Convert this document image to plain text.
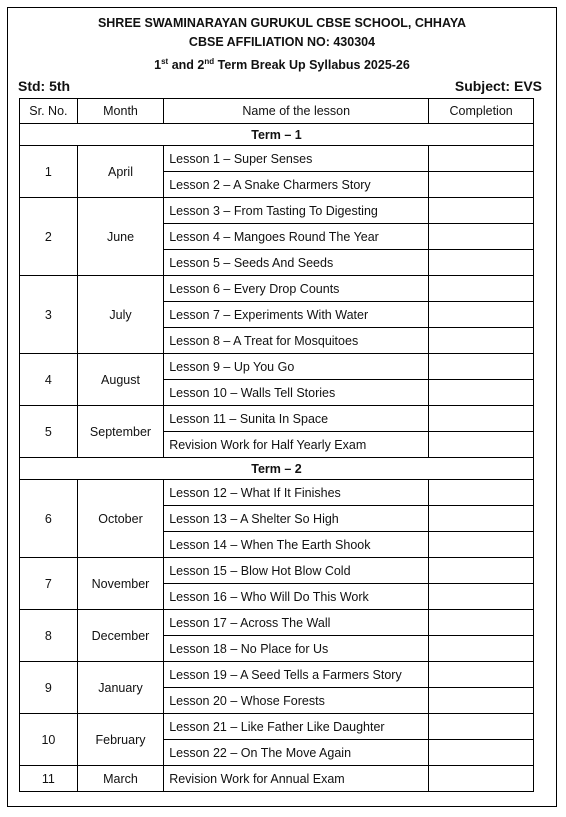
SHREE SWAMINARAYAN GURUKUL CBSE SCHOOL, CHHAYA
CBSE AFFILIATION NO: 430304
1st and 2nd Term Break Up Syllabus 2025-26
Std: 5th	Subject: EVS
Sr. No.	Month	Name of the lesson	Completion
Term – 1			
1	April	Lesson 1 – Super Senses	
		Lesson 2 – A Snake Charmers Story	
2	June	Lesson 3 – From Tasting To Digesting	
		Lesson 4 – Mangoes Round The Year	
		Lesson 5 – Seeds And Seeds	
3	July	Lesson 6 – Every Drop Counts	
		Lesson 7 – Experiments With Water	
		Lesson 8 – A Treat for Mosquitoes	
4	August	Lesson 9 – Up You Go	
		Lesson 10 – Walls Tell Stories	
5	September	Lesson 11 – Sunita In Space	
		Revision Work for Half Yearly Exam	
Term – 2			
6	October	Lesson 12 – What If It Finishes	
		Lesson 13 – A Shelter So High	
		Lesson 14 – When The Earth Shook	
7	November	Lesson 15 – Blow Hot Blow Cold	
		Lesson 16 – Who Will Do This Work	
8	December	Lesson 17 – Across The Wall	
		Lesson 18 – No Place for Us	
9	January	Lesson 19 – A Seed Tells a Farmers Story	
		Lesson 20 – Whose Forests	
10	February	Lesson 21 – Like Father Like Daughter	
		Lesson 22 – On The Move Again	
11	March	Revision Work for Annual Exam	
